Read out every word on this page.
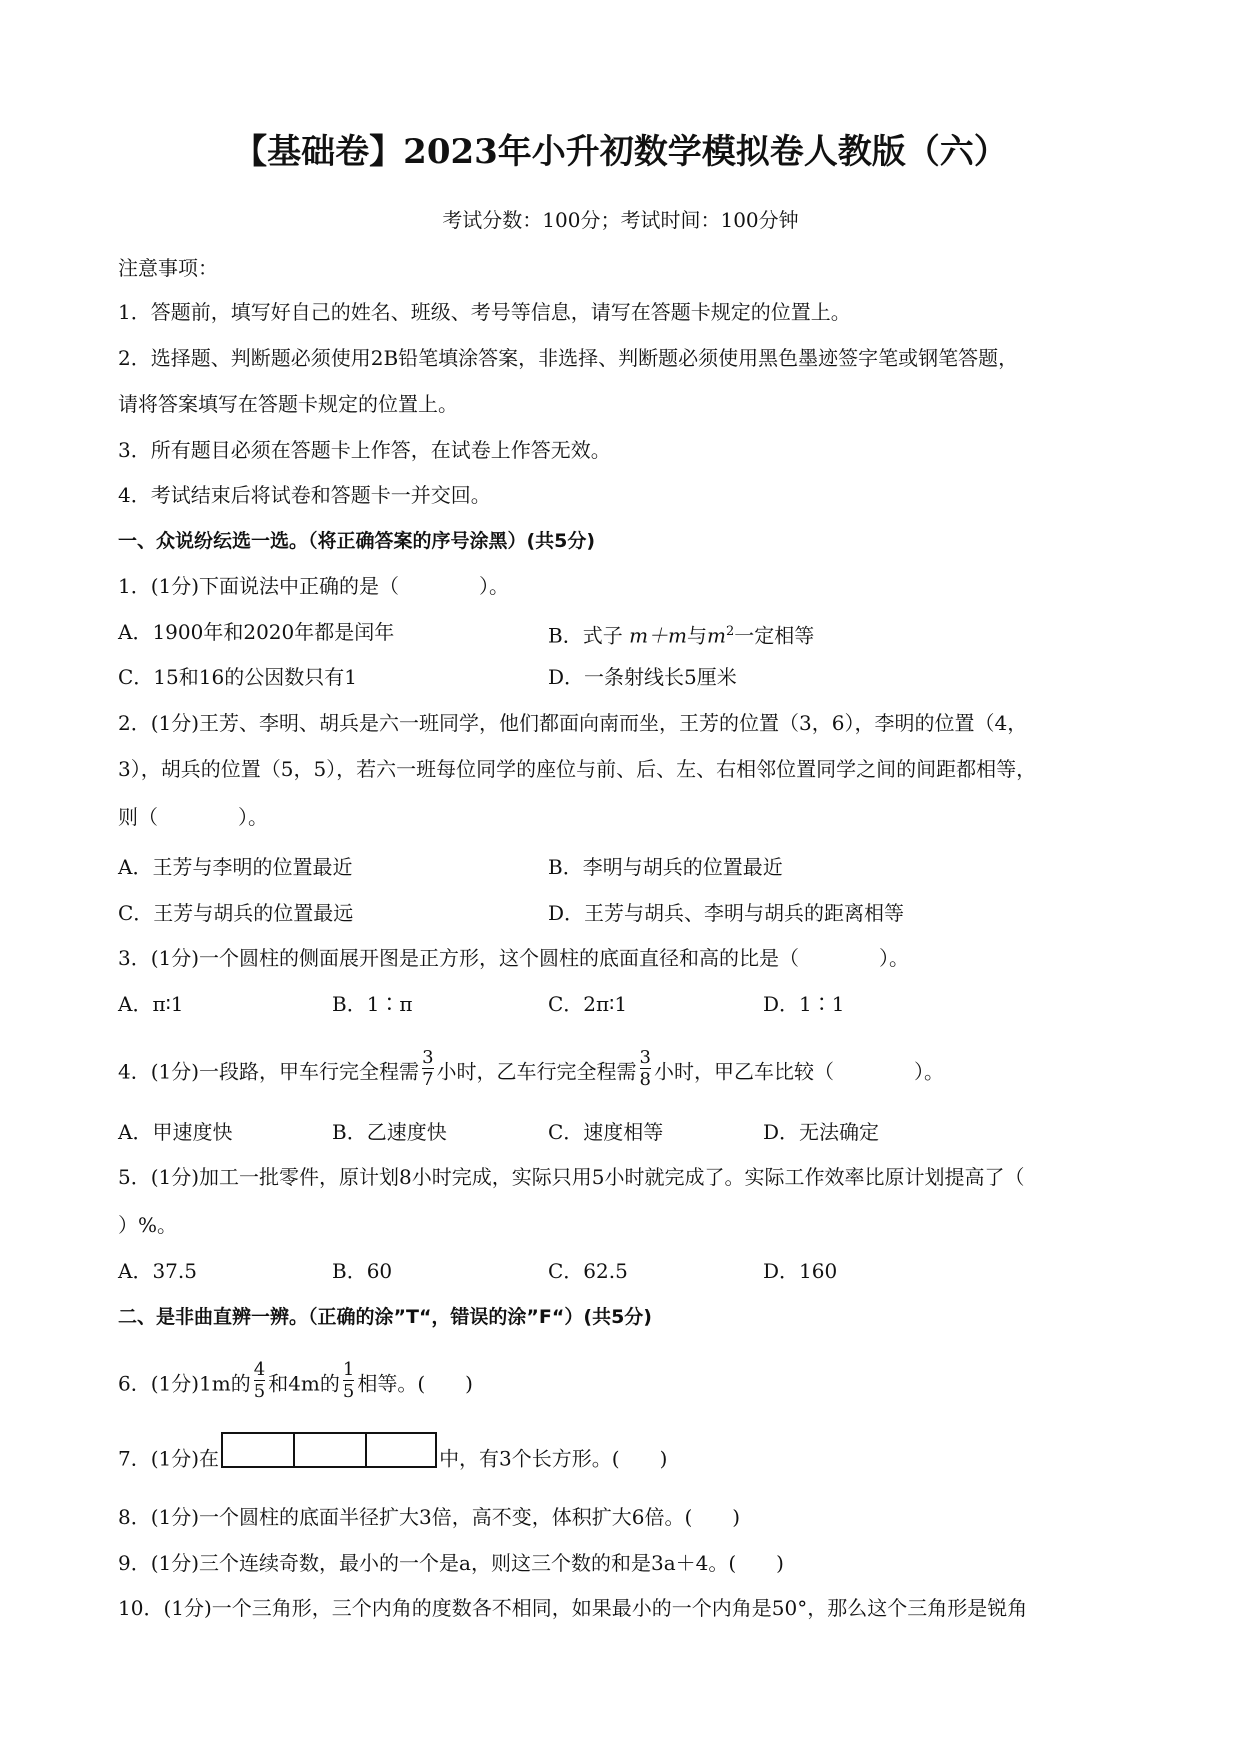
【基础卷】2023年小升初数学模拟卷人教版（六）
考试分数：100分；考试时间：100分钟
注意事项：
1．答题前，填写好自己的姓名、班级、考号等信息，请写在答题卡规定的位置上。
2．选择题、判断题必须使用2B铅笔填涂答案，非选择、判断题必须使用黑色墨迹签字笔或钢笔答题，
请将答案填写在答题卡规定的位置上。
3．所有题目必须在答题卡上作答，在试卷上作答无效。
4．考试结束后将试卷和答题卡一并交回。
一、众说纷纭选一选。（将正确答案的序号涂黑）(共5分)
1．(1分)下面说法中正确的是（　　　　）。
A．1900年和2020年都是闰年	B．式子 m＋m与$m^2$一定相等
C．15和16的公因数只有1	D．一条射线长5厘米
2．(1分)王芳、李明、胡兵是六一班同学，他们都面向南而坐，王芳的位置（3，6），李明的位置（4，
3），胡兵的位置（5，5），若六一班每位同学的座位与前、后、左、右相邻位置同学之间的间距都相等，
则（　　　　）。
A．王芳与李明的位置最近	B．李明与胡兵的位置最近
C．王芳与胡兵的位置最远	D．王芳与胡兵、李明与胡兵的距离相等
3．(1分)一个圆柱的侧面展开图是正方形，这个圆柱的底面直径和高的比是（　　　　）。
A．π∶1	B．1∶π	C．2π∶1	D．1∶1
4．(1分)一段路，甲车行完全程需 $\frac{3}{7}$ 小时，乙车行完全程需 $\frac{3}{8}$ 小时，甲乙车比较（　　　　）。
A．甲速度快	B．乙速度快	C．速度相等	D．无法确定
5．(1分)加工一批零件，原计划8小时完成，实际只用5小时就完成了。实际工作效率比原计划提高了（
）%。
A．37.5	B．60	C．62.5	D．160
二、是非曲直辨一辨。（正确的涂”T“，错误的涂”F“）(共5分)
6．(1分)1m的 $\frac{4}{5}$ 和4m的 $\frac{1}{5}$ 相等。(　　)
7．(1分)在	中，有3个长方形。(　　)
8．(1分)一个圆柱的底面半径扩大3倍，高不变，体积扩大6倍。(　　)
9．(1分)三个连续奇数，最小的一个是a，则这三个数的和是3a＋4。(　　)
10．(1分)一个三角形，三个内角的度数各不相同，如果最小的一个内角是50°，那么这个三角形是锐角
